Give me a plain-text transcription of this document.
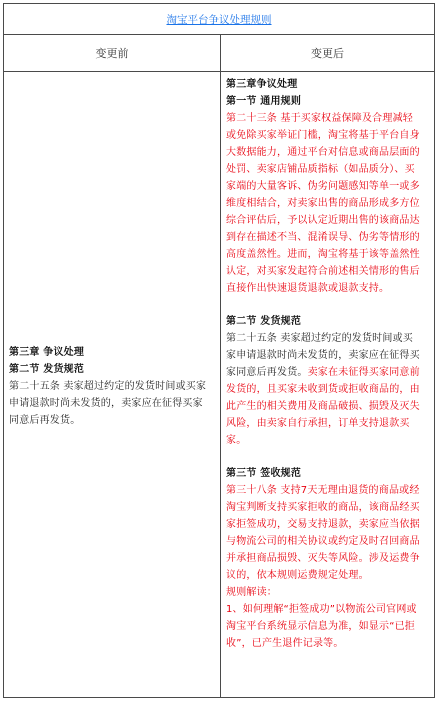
淘宝平台争议处理规则
变更前	变更后

第三章 争议处理

第二节 发货规范

第二十五条 卖家超过约定的发货时间或买家

申请退款时尚未发货的，卖家应在征得买家

同意后再发货。

第三章争议处理

第一节 通用规则

第二十三条 基于买家权益保障及合理减轻

或免除买家举证门槛，淘宝将基于平台自身

大数据能力，通过平台对信息或商品层面的

处罚、卖家店铺品质指标（如品质分）、买

家端的大量客诉、伪劣问题感知等单一或多

维度相结合，对卖家出售的商品形成多方位

综合评估后，予以认定近期出售的该商品达

到存在描述不当、混淆误导、伪劣等情形的

高度盖然性。进而，淘宝将基于该等盖然性

认定，对买家发起符合前述相关情形的售后

直接作出快速退货退款或退款支持。

第二节 发货规范

第二十五条 卖家超过约定的发货时间或买

家申请退款时尚未发货的，卖家应在征得买

家同意后再发货。卖家在未征得买家同意前

发货的，且买家未收到货或拒收商品的，由

此产生的相关费用及商品破损、损毁及灭失

风险，由卖家自行承担，订单支持退款买

家。

第三节 签收规范

第三十八条 支持7天无理由退货的商品或经

淘宝判断支持买家拒收的商品，该商品经买

家拒签成功，交易支持退款，卖家应当依据

与物流公司的相关协议或约定及时召回商品

并承担商品损毁、灭失等风险。涉及运费争

议的，依本规则运费规定处理。

规则解读：

1、如何理解“拒签成功”以物流公司官网或

淘宝平台系统显示信息为准，如显示“已拒

收”，已产生退件记录等。
